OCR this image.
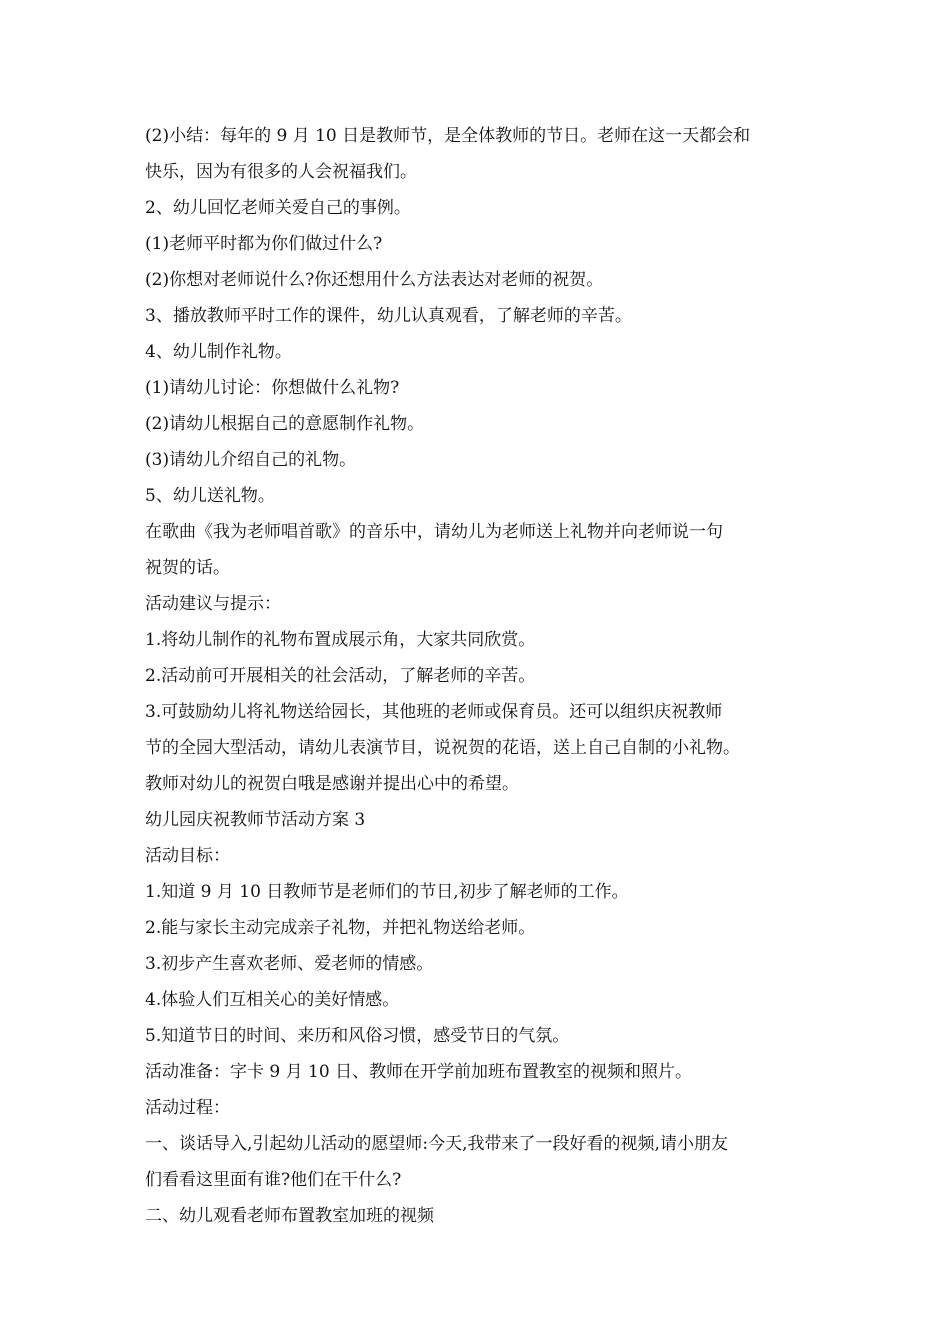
(2)小结：每年的 9 月 10 日是教师节，是全体教师的节日。老师在这一天都会和
快乐，因为有很多的人会祝福我们。
2、幼儿回忆老师关爱自己的事例。
(1)老师平时都为你们做过什么?
(2)你想对老师说什么?你还想用什么方法表达对老师的祝贺。
3、播放教师平时工作的课件，幼儿认真观看，了解老师的辛苦。
4、幼儿制作礼物。
(1)请幼儿讨论：你想做什么礼物?
(2)请幼儿根据自己的意愿制作礼物。
(3)请幼儿介绍自己的礼物。
5、幼儿送礼物。
在歌曲《我为老师唱首歌》的音乐中，请幼儿为老师送上礼物并向老师说一句
祝贺的话。
活动建议与提示：
1.将幼儿制作的礼物布置成展示角，大家共同欣赏。
2.活动前可开展相关的社会活动，了解老师的辛苦。
3.可鼓励幼儿将礼物送给园长，其他班的老师或保育员。还可以组织庆祝教师
节的全园大型活动，请幼儿表演节目，说祝贺的花语，送上自己自制的小礼物。
教师对幼儿的祝贺白哦是感谢并提出心中的希望。
幼儿园庆祝教师节活动方案 3
活动目标：
1.知道 9 月 10 日教师节是老师们的节日,初步了解老师的工作。
2.能与家长主动完成亲子礼物，并把礼物送给老师。
3.初步产生喜欢老师、爱老师的情感。
4.体验人们互相关心的美好情感。
5.知道节日的时间、来历和风俗习惯，感受节日的气氛。
活动准备：字卡 9 月 10 日、教师在开学前加班布置教室的视频和照片。
活动过程：
一、谈话导入,引起幼儿活动的愿望师:今天,我带来了一段好看的视频,请小朋友
们看看这里面有谁?他们在干什么?
二、幼儿观看老师布置教室加班的视频
